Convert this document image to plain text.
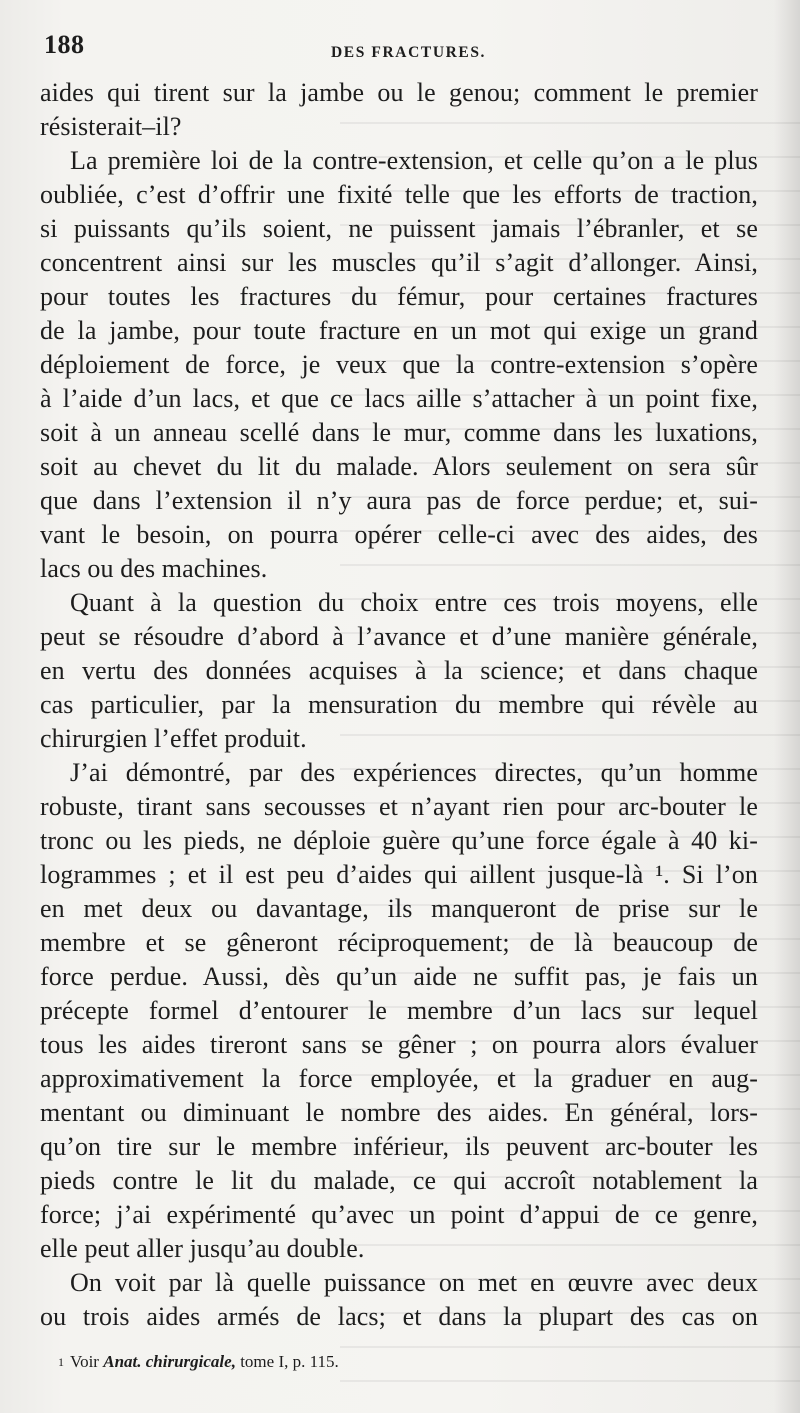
188	DES FRACTURES.
aides qui tirent sur la jambe ou le genou; comment le premier
résisterait–il?
La première loi de la contre-extension, et celle qu’on a le plus
oubliée, c’est d’offrir une fixité telle que les efforts de traction,
si puissants qu’ils soient, ne puissent jamais l’ébranler, et se
concentrent ainsi sur les muscles qu’il s’agit d’allonger. Ainsi,
pour toutes les fractures du fémur, pour certaines fractures
de la jambe, pour toute fracture en un mot qui exige un grand
déploiement de force, je veux que la contre-extension s’opère
à l’aide d’un lacs, et que ce lacs aille s’attacher à un point fixe,
soit à un anneau scellé dans le mur, comme dans les luxations,
soit au chevet du lit du malade. Alors seulement on sera sûr
que dans l’extension il n’y aura pas de force perdue; et, sui-
vant le besoin, on pourra opérer celle-ci avec des aides, des
lacs ou des machines.
Quant à la question du choix entre ces trois moyens, elle
peut se résoudre d’abord à l’avance et d’une manière générale,
en vertu des données acquises à la science; et dans chaque
cas particulier, par la mensuration du membre qui révèle au
chirurgien l’effet produit.
J’ai démontré, par des expériences directes, qu’un homme
robuste, tirant sans secousses et n’ayant rien pour arc-bouter le
tronc ou les pieds, ne déploie guère qu’une force égale à 40 ki-
logrammes ; et il est peu d’aides qui aillent jusque-là ¹. Si l’on
en met deux ou davantage, ils manqueront de prise sur le
membre et se gêneront réciproquement; de là beaucoup de
force perdue. Aussi, dès qu’un aide ne suffit pas, je fais un
précepte formel d’entourer le membre d’un lacs sur lequel
tous les aides tireront sans se gêner ; on pourra alors évaluer
approximativement la force employée, et la graduer en aug-
mentant ou diminuant le nombre des aides. En général, lors-
qu’on tire sur le membre inférieur, ils peuvent arc-bouter les
pieds contre le lit du malade, ce qui accroît notablement la
force; j’ai expérimenté qu’avec un point d’appui de ce genre,
elle peut aller jusqu’au double.
On voit par là quelle puissance on met en œuvre avec deux
ou trois aides armés de lacs; et dans la plupart des cas on
$^1$ Voir Anat. chirurgicale, tome I, p. 115.
